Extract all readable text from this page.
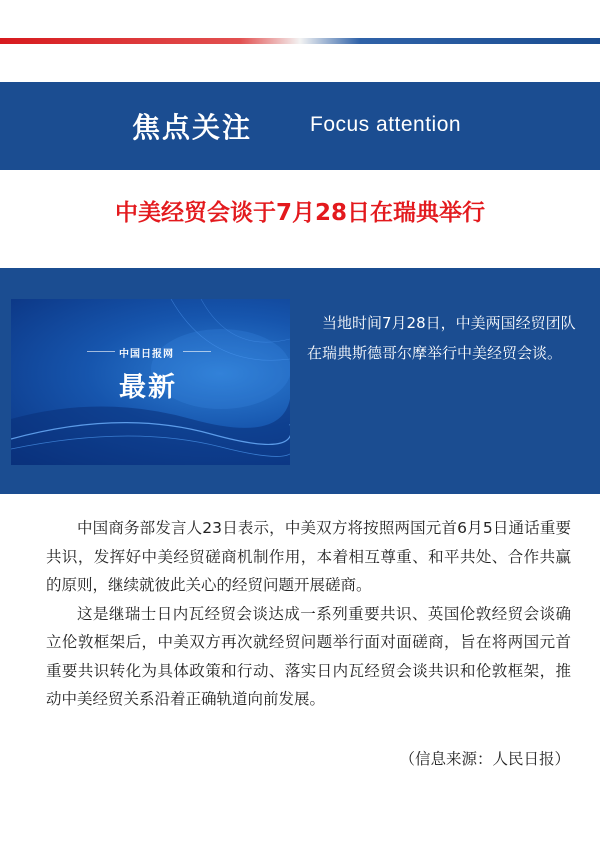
焦点关注	Focus attention
中美经贸会谈于7月28日在瑞典举行
中国日报网
最新

当地时间7月28日，中美两国经贸团队在瑞典斯德哥尔摩举行中美经贸会谈。

中国商务部发言人23日表示，中美双方将按照两国元首6月5日通话重要共识，发挥好中美经贸磋商机制作用，本着相互尊重、和平共处、合作共赢的原则，继续就彼此关心的经贸问题开展磋商。

这是继瑞士日内瓦经贸会谈达成一系列重要共识、英国伦敦经贸会谈确立伦敦框架后，中美双方再次就经贸问题举行面对面磋商，旨在将两国元首重要共识转化为具体政策和行动、落实日内瓦经贸会谈共识和伦敦框架，推动中美经贸关系沿着正确轨道向前发展。

（信息来源：人民日报）
